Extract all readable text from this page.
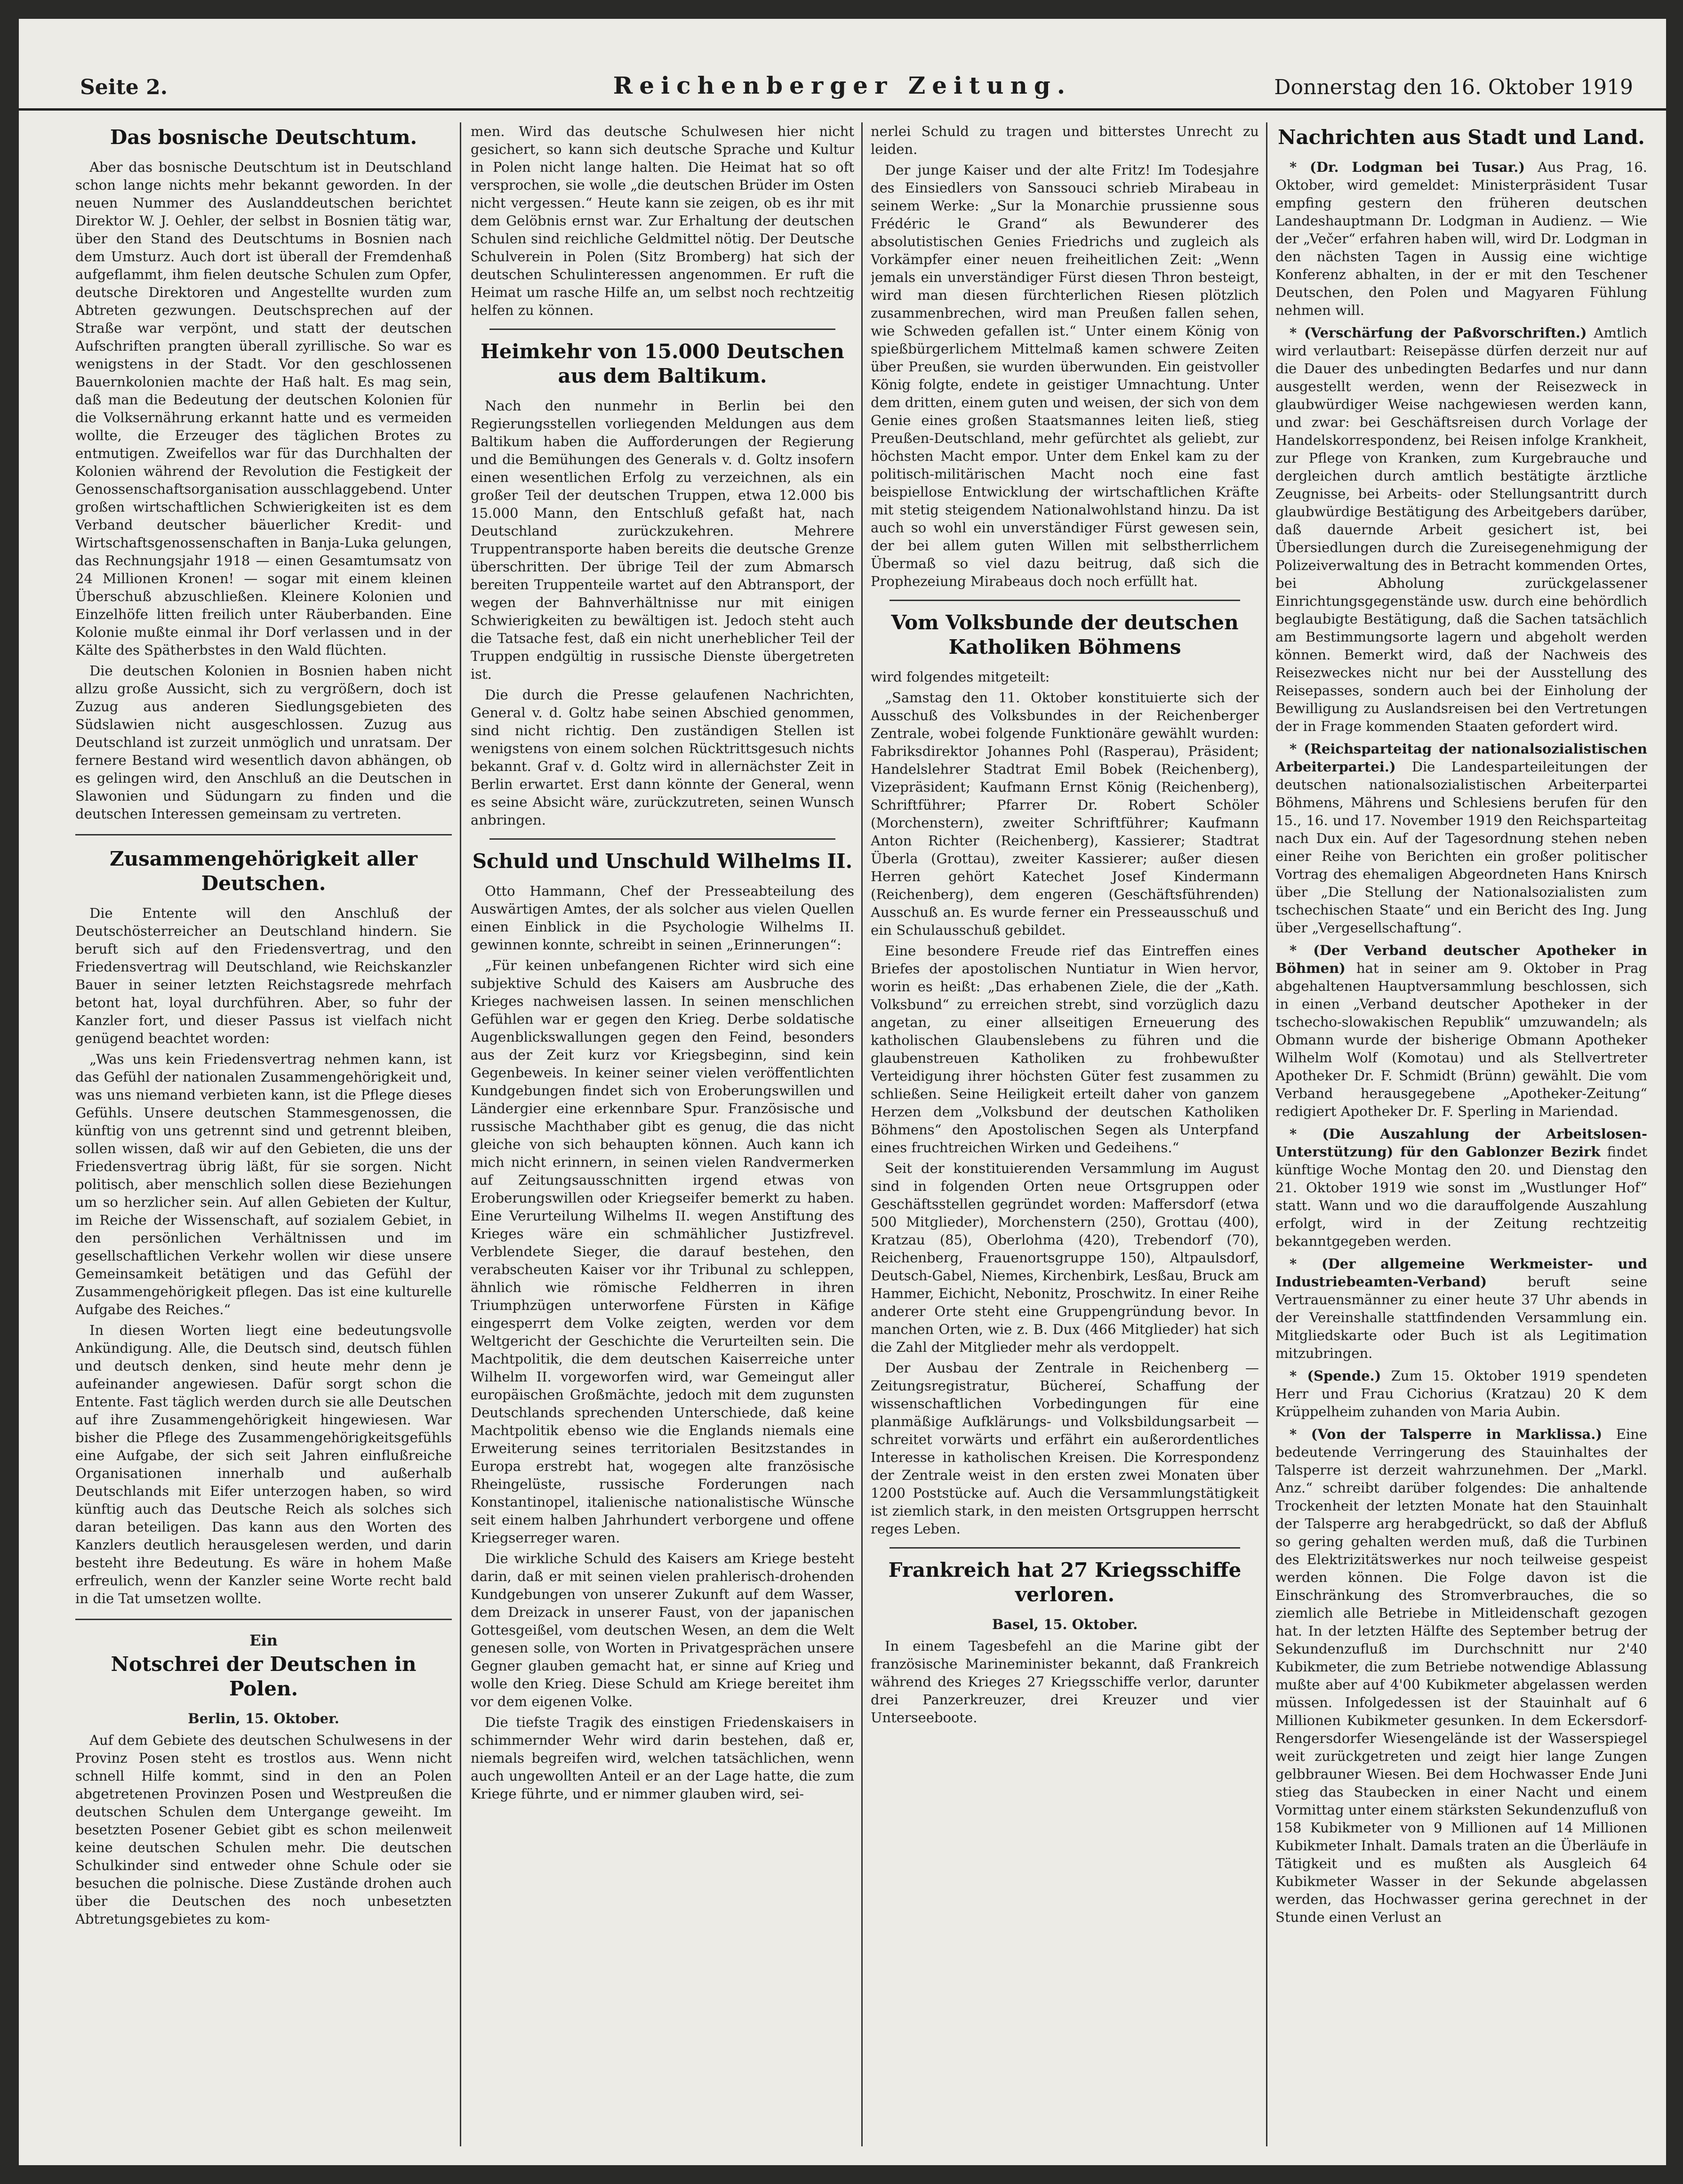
Seite 2.	Reichenberger Zeitung.	Donnerstag den 16. Oktober 1919
Das bosnische Deutschtum.

Aber das bosnische Deutschtum ist in Deutschland schon lange nichts mehr bekannt geworden. In der neuen Nummer des Auslanddeutschen berichtet Direktor W. J. Oehler, der selbst in Bosnien tätig war, über den Stand des Deutschtums in Bosnien nach dem Umsturz. Auch dort ist überall der Fremdenhaß aufgeflammt, ihm fielen deutsche Schulen zum Opfer, deutsche Direktoren und Angestellte wurden zum Abtreten gezwungen. Deutschsprechen auf der Straße war verpönt, und statt der deutschen Aufschriften prangten überall zyrillische. So war es wenigstens in der Stadt. Vor den geschlossenen Bauernkolonien machte der Haß halt. Es mag sein, daß man die Bedeutung der deutschen Kolonien für die Volksernährung erkannt hatte und es vermeiden wollte, die Erzeuger des täglichen Brotes zu entmutigen. Zweifellos war für das Durchhalten der Kolonien während der Revolution die Festigkeit der Genossenschaftsorganisation ausschlaggebend. Unter großen wirtschaftlichen Schwierigkeiten ist es dem Verband deutscher bäuerlicher Kredit- und Wirtschaftsgenossenschaften in Banja-Luka gelungen, das Rechnungsjahr 1918 — einen Gesamtumsatz von 24 Millionen Kronen! — sogar mit einem kleinen Überschuß abzuschließen. Kleinere Kolonien und Einzelhöfe litten freilich unter Räuberbanden. Eine Kolonie mußte einmal ihr Dorf verlassen und in der Kälte des Spätherbstes in den Wald flüchten.

Die deutschen Kolonien in Bosnien haben nicht allzu große Aussicht, sich zu vergrößern, doch ist Zuzug aus anderen Siedlungsgebieten des Südslawien nicht ausgeschlossen. Zuzug aus Deutschland ist zurzeit unmöglich und unratsam. Der fernere Bestand wird wesentlich davon abhängen, ob es gelingen wird, den Anschluß an die Deutschen in Slawonien und Südungarn zu finden und die deutschen Interessen gemeinsam zu vertreten.

Zusammengehörigkeit aller Deutschen.

Die Entente will den Anschluß der Deutschösterreicher an Deutschland hindern. Sie beruft sich auf den Friedensvertrag, und den Friedensvertrag will Deutschland, wie Reichskanzler Bauer in seiner letzten Reichstagsrede mehrfach betont hat, loyal durchführen. Aber, so fuhr der Kanzler fort, und dieser Passus ist vielfach nicht genügend beachtet worden:

„Was uns kein Friedensvertrag nehmen kann, ist das Gefühl der nationalen Zusammengehörigkeit und, was uns niemand verbieten kann, ist die Pflege dieses Gefühls. Unsere deutschen Stammesgenossen, die künftig von uns getrennt sind und getrennt bleiben, sollen wissen, daß wir auf den Gebieten, die uns der Friedensvertrag übrig läßt, für sie sorgen. Nicht politisch, aber menschlich sollen diese Beziehungen um so herzlicher sein. Auf allen Gebieten der Kultur, im Reiche der Wissenschaft, auf sozialem Gebiet, in den persönlichen Verhältnissen und im gesellschaftlichen Verkehr wollen wir diese unsere Gemeinsamkeit betätigen und das Gefühl der Zusammengehörigkeit pflegen. Das ist eine kulturelle Aufgabe des Reiches.“

In diesen Worten liegt eine bedeutungsvolle Ankündigung. Alle, die Deutsch sind, deutsch fühlen und deutsch denken, sind heute mehr denn je aufeinander angewiesen. Dafür sorgt schon die Entente. Fast täglich werden durch sie alle Deutschen auf ihre Zusammengehörigkeit hingewiesen. War bisher die Pflege des Zusammengehörigkeitsgefühls eine Aufgabe, der sich seit Jahren einflußreiche Organisationen innerhalb und außerhalb Deutschlands mit Eifer unterzogen haben, so wird künftig auch das Deutsche Reich als solches sich daran beteiligen. Das kann aus den Worten des Kanzlers deutlich herausgelesen werden, und darin besteht ihre Bedeutung. Es wäre in hohem Maße erfreulich, wenn der Kanzler seine Worte recht bald in die Tat umsetzen wollte.

Ein
Notschrei der Deutschen in Polen.
Berlin, 15. Oktober.

Auf dem Gebiete des deutschen Schulwesens in der Provinz Posen steht es trostlos aus. Wenn nicht schnell Hilfe kommt, sind in den an Polen abgetretenen Provinzen Posen und Westpreußen die deutschen Schulen dem Untergange geweiht. Im besetzten Posener Gebiet gibt es schon meilenweit keine deutschen Schulen mehr. Die deutschen Schulkinder sind entweder ohne Schule oder sie besuchen die polnische. Diese Zustände drohen auch über die Deutschen des noch unbesetzten Abtretungsgebietes zu kom-

men. Wird das deutsche Schulwesen hier nicht gesichert, so kann sich deutsche Sprache und Kultur in Polen nicht lange halten. Die Heimat hat so oft versprochen, sie wolle „die deutschen Brüder im Osten nicht vergessen.“ Heute kann sie zeigen, ob es ihr mit dem Gelöbnis ernst war. Zur Erhaltung der deutschen Schulen sind reichliche Geldmittel nötig. Der Deutsche Schulverein in Polen (Sitz Bromberg) hat sich der deutschen Schulinteressen angenommen. Er ruft die Heimat um rasche Hilfe an, um selbst noch rechtzeitig helfen zu können.

Heimkehr von 15.000 Deutschen aus dem Baltikum.

Nach den nunmehr in Berlin bei den Regierungsstellen vorliegenden Meldungen aus dem Baltikum haben die Aufforderungen der Regierung und die Bemühungen des Generals v. d. Goltz insofern einen wesentlichen Erfolg zu verzeichnen, als ein großer Teil der deutschen Truppen, etwa 12.000 bis 15.000 Mann, den Entschluß gefaßt hat, nach Deutschland zurückzukehren. Mehrere Truppentransporte haben bereits die deutsche Grenze überschritten. Der übrige Teil der zum Abmarsch bereiten Truppenteile wartet auf den Abtransport, der wegen der Bahnverhältnisse nur mit einigen Schwierigkeiten zu bewältigen ist. Jedoch steht auch die Tatsache fest, daß ein nicht unerheblicher Teil der Truppen endgültig in russische Dienste übergetreten ist.

Die durch die Presse gelaufenen Nachrichten, General v. d. Goltz habe seinen Abschied genommen, sind nicht richtig. Den zuständigen Stellen ist wenigstens von einem solchen Rücktrittsgesuch nichts bekannt. Graf v. d. Goltz wird in allernächster Zeit in Berlin erwartet. Erst dann könnte der General, wenn es seine Absicht wäre, zurückzutreten, seinen Wunsch anbringen.

Schuld und Unschuld Wilhelms II.

Otto Hammann, Chef der Presseabteilung des Auswärtigen Amtes, der als solcher aus vielen Quellen einen Einblick in die Psychologie Wilhelms II. gewinnen konnte, schreibt in seinen „Erinnerungen“:

„Für keinen unbefangenen Richter wird sich eine subjektive Schuld des Kaisers am Ausbruche des Krieges nachweisen lassen. In seinen menschlichen Gefühlen war er gegen den Krieg. Derbe soldatische Augenblickswallungen gegen den Feind, besonders aus der Zeit kurz vor Kriegsbeginn, sind kein Gegenbeweis. In keiner seiner vielen veröffentlichten Kundgebungen findet sich von Eroberungswillen und Ländergier eine erkennbare Spur. Französische und russische Machthaber gibt es genug, die das nicht gleiche von sich behaupten können. Auch kann ich mich nicht erinnern, in seinen vielen Randvermerken auf Zeitungsausschnitten irgend etwas von Eroberungswillen oder Kriegseifer bemerkt zu haben. Eine Verurteilung Wilhelms II. wegen Anstiftung des Krieges wäre ein schmählicher Justizfrevel. Verblendete Sieger, die darauf bestehen, den verabscheuten Kaiser vor ihr Tribunal zu schleppen, ähnlich wie römische Feldherren in ihren Triumphzügen unterworfene Fürsten in Käfige eingesperrt dem Volke zeigten, werden vor dem Weltgericht der Geschichte die Verurteilten sein. Die Machtpolitik, die dem deutschen Kaiserreiche unter Wilhelm II. vorgeworfen wird, war Gemeingut aller europäischen Großmächte, jedoch mit dem zugunsten Deutschlands sprechenden Unterschiede, daß keine Machtpolitik ebenso wie die Englands niemals eine Erweiterung seines territorialen Besitzstandes in Europa erstrebt hat, wogegen alte französische Rheingelüste, russische Forderungen nach Konstantinopel, italienische nationalistische Wünsche seit einem halben Jahrhundert verborgene und offene Kriegserreger waren.

Die wirkliche Schuld des Kaisers am Kriege besteht darin, daß er mit seinen vielen prahlerisch-drohenden Kundgebungen von unserer Zukunft auf dem Wasser, dem Dreizack in unserer Faust, von der japanischen Gottesgeißel, vom deutschen Wesen, an dem die Welt genesen solle, von Worten in Privatgesprächen unsere Gegner glauben gemacht hat, er sinne auf Krieg und wolle den Krieg. Diese Schuld am Kriege bereitet ihm vor dem eigenen Volke.

Die tiefste Tragik des einstigen Friedenskaisers in schimmernder Wehr wird darin bestehen, daß er, niemals begreifen wird, welchen tatsächlichen, wenn auch ungewollten Anteil er an der Lage hatte, die zum Kriege führte, und er nimmer glauben wird, sei-

nerlei Schuld zu tragen und bitterstes Unrecht zu leiden.

Der junge Kaiser und der alte Fritz! Im Todesjahre des Einsiedlers von Sanssouci schrieb Mirabeau in seinem Werke: „Sur la Monarchie prussienne sous Frédéric le Grand“ als Bewunderer des absolutistischen Genies Friedrichs und zugleich als Vorkämpfer einer neuen freiheitlichen Zeit: „Wenn jemals ein unverständiger Fürst diesen Thron besteigt, wird man diesen fürchterlichen Riesen plötzlich zusammenbrechen, wird man Preußen fallen sehen, wie Schweden gefallen ist.“ Unter einem König von spießbürgerlichem Mittelmaß kamen schwere Zeiten über Preußen, sie wurden überwunden. Ein geistvoller König folgte, endete in geistiger Umnachtung. Unter dem dritten, einem guten und weisen, der sich von dem Genie eines großen Staatsmannes leiten ließ, stieg Preußen-Deutschland, mehr gefürchtet als geliebt, zur höchsten Macht empor. Unter dem Enkel kam zu der politisch-militärischen Macht noch eine fast beispiellose Entwicklung der wirtschaftlichen Kräfte mit stetig steigendem Nationalwohlstand hinzu. Da ist auch so wohl ein unverständiger Fürst gewesen sein, der bei allem guten Willen mit selbstherrlichem Übermaß so viel dazu beitrug, daß sich die Prophezeiung Mirabeaus doch noch erfüllt hat.

Vom Volksbunde der deutschen Katholiken Böhmens

wird folgendes mitgeteilt:

„Samstag den 11. Oktober konstituierte sich der Ausschuß des Volksbundes in der Reichenberger Zentrale, wobei folgende Funktionäre gewählt wurden: Fabriksdirektor Johannes Pohl (Rasperau), Präsident; Handelslehrer Stadtrat Emil Bobek (Reichenberg), Vizepräsident; Kaufmann Ernst König (Reichenberg), Schriftführer; Pfarrer Dr. Robert Schöler (Morchenstern), zweiter Schriftführer; Kaufmann Anton Richter (Reichenberg), Kassierer; Stadtrat Überla (Grottau), zweiter Kassierer; außer diesen Herren gehört Katechet Josef Kindermann (Reichenberg), dem engeren (Geschäftsführenden) Ausschuß an. Es wurde ferner ein Presseausschuß und ein Schulausschuß gebildet.

Eine besondere Freude rief das Eintreffen eines Briefes der apostolischen Nuntiatur in Wien hervor, worin es heißt: „Das erhabenen Ziele, die der „Kath. Volksbund“ zu erreichen strebt, sind vorzüglich dazu angetan, zu einer allseitigen Erneuerung des katholischen Glaubenslebens zu führen und die glaubenstreuen Katholiken zu frohbewußter Verteidigung ihrer höchsten Güter fest zusammen zu schließen. Seine Heiligkeit erteilt daher von ganzem Herzen dem „Volksbund der deutschen Katholiken Böhmens“ den Apostolischen Segen als Unterpfand eines fruchtreichen Wirken und Gedeihens.“

Seit der konstituierenden Versammlung im August sind in folgenden Orten neue Ortsgruppen oder Geschäftsstellen gegründet worden: Maffersdorf (etwa 500 Mitglieder), Morchenstern (250), Grottau (400), Kratzau (85), Oberlohma (420), Trebendorf (70), Reichenberg, Frauenortsgruppe 150), Altpaulsdorf, Deutsch-Gabel, Niemes, Kirchenbirk, Lesßau, Bruck am Hammer, Eichicht, Nebonitz, Proschwitz. In einer Reihe anderer Orte steht eine Gruppengründung bevor. In manchen Orten, wie z. B. Dux (466 Mitglieder) hat sich die Zahl der Mitglieder mehr als verdoppelt.

Der Ausbau der Zentrale in Reichenberg — Zeitungsregistratur, Büchereí, Schaffung der wissenschaftlichen Vorbedingungen für eine planmäßige Aufklärungs- und Volksbildungsarbeit — schreitet vorwärts und erfährt ein außerordentliches Interesse in katholischen Kreisen. Die Korrespondenz der Zentrale weist in den ersten zwei Monaten über 1200 Poststücke auf. Auch die Versammlungstätigkeit ist ziemlich stark, in den meisten Ortsgruppen herrscht reges Leben.

Frankreich hat 27 Kriegsschiffe verloren.
Basel, 15. Oktober.

In einem Tagesbefehl an die Marine gibt der französische Marineminister bekannt, daß Frankreich während des Krieges 27 Kriegsschiffe verlor, darunter drei Panzerkreuzer, drei Kreuzer und vier Unterseeboote.

Nachrichten aus Stadt und Land.

* (Dr. Lodgman bei Tusar.) Aus Prag, 16. Oktober, wird gemeldet: Ministerpräsident Tusar empfing gestern den früheren deutschen Landeshauptmann Dr. Lodgman in Audienz. — Wie der „Večer“ erfahren haben will, wird Dr. Lodgman in den nächsten Tagen in Aussig eine wichtige Konferenz abhalten, in der er mit den Teschener Deutschen, den Polen und Magyaren Fühlung nehmen will.

* (Verschärfung der Paßvorschriften.) Amtlich wird verlautbart: Reisepässe dürfen derzeit nur auf die Dauer des unbedingten Bedarfes und nur dann ausgestellt werden, wenn der Reisezweck in glaubwürdiger Weise nachgewiesen werden kann, und zwar: bei Geschäftsreisen durch Vorlage der Handelskorrespondenz, bei Reisen infolge Krankheit, zur Pflege von Kranken, zum Kurgebrauche und dergleichen durch amtlich bestätigte ärztliche Zeugnisse, bei Arbeits- oder Stellungsantritt durch glaubwürdige Bestätigung des Arbeitgebers darüber, daß dauernde Arbeit gesichert ist, bei Übersiedlungen durch die Zureisegenehmigung der Polizeiverwaltung des in Betracht kommenden Ortes, bei Abholung zurückgelassener Einrichtungsgegenstände usw. durch eine behördlich beglaubigte Bestätigung, daß die Sachen tatsächlich am Bestimmungsorte lagern und abgeholt werden können. Bemerkt wird, daß der Nachweis des Reisezweckes nicht nur bei der Ausstellung des Reisepasses, sondern auch bei der Einholung der Bewilligung zu Auslandsreisen bei den Vertretungen der in Frage kommenden Staaten gefordert wird.

* (Reichsparteitag der nationalsozialistischen Arbeiterpartei.) Die Landesparteileitungen der deutschen nationalsozialistischen Arbeiterpartei Böhmens, Mährens und Schlesiens berufen für den 15., 16. und 17. November 1919 den Reichsparteitag nach Dux ein. Auf der Tagesordnung stehen neben einer Reihe von Berichten ein großer politischer Vortrag des ehemaligen Abgeordneten Hans Knirsch über „Die Stellung der Nationalsozialisten zum tschechischen Staate“ und ein Bericht des Ing. Jung über „Vergesellschaftung“.

* (Der Verband deutscher Apotheker in Böhmen) hat in seiner am 9. Oktober in Prag abgehaltenen Hauptversammlung beschlossen, sich in einen „Verband deutscher Apotheker in der tschecho-slowakischen Republik“ umzuwandeln; als Obmann wurde der bisherige Obmann Apotheker Wilhelm Wolf (Komotau) und als Stellvertreter Apotheker Dr. F. Schmidt (Brünn) gewählt. Die vom Verband herausgegebene „Apotheker-Zeitung“ redigiert Apotheker Dr. F. Sperling in Mariendad.

* (Die Auszahlung der Arbeitslosen-Unterstützung) für den Gablonzer Bezirk findet künftige Woche Montag den 20. und Dienstag den 21. Oktober 1919 wie sonst im „Wustlunger Hof“ statt. Wann und wo die darauffolgende Auszahlung erfolgt, wird in der Zeitung rechtzeitig bekanntgegeben werden.

* (Der allgemeine Werkmeister- und Industriebeamten-Verband)	beruft seine Vertrauensmänner zu einer heute 37 Uhr abends in der Vereinshalle stattfindenden Versammlung ein. Mitgliedskarte oder Buch ist als Legitimation mitzubringen.

* (Spende.) Zum 15. Oktober 1919 spendeten Herr und Frau Cichorius (Kratzau) 20 K dem Krüppelheim zuhanden von Maria Aubin.

* (Von der Talsperre in Marklissa.) Eine bedeutende Verringerung des Stauinhaltes der Talsperre ist derzeit wahrzunehmen. Der „Markl. Anz.“ schreibt darüber folgendes: Die anhaltende Trockenheit der letzten Monate hat den Stauinhalt der Talsperre arg herabgedrückt, so daß der Abfluß so gering gehalten werden muß, daß die Turbinen des Elektrizitätswerkes nur noch teilweise gespeist werden können. Die Folge davon ist die Einschränkung des Stromverbrauches, die so ziemlich alle Betriebe in Mitleidenschaft gezogen hat. In der letzten Hälfte des September betrug der Sekundenzufluß im Durchschnitt nur 2'40 Kubikmeter, die zum Betriebe notwendige Ablassung mußte aber auf 4'00 Kubikmeter abgelassen werden müssen. Infolgedessen ist der Stauinhalt auf 6 Millionen Kubikmeter gesunken. In dem Eckersdorf-Rengersdorfer Wiesengelände ist der Wasserspiegel weit zurückgetreten und zeigt hier lange Zungen gelbbrauner Wiesen. Bei dem Hochwasser Ende Juni stieg das Staubecken in einer Nacht und einem Vormittag unter einem stärksten Sekundenzufluß von 158 Kubikmeter von 9 Millionen auf 14 Millionen Kubikmeter Inhalt. Damals traten an die Überläufe in Tätigkeit und es mußten als Ausgleich 64 Kubikmeter Wasser in der Sekunde abgelassen werden, das Hochwasser gerina gerechnet in der Stunde einen Verlust an
